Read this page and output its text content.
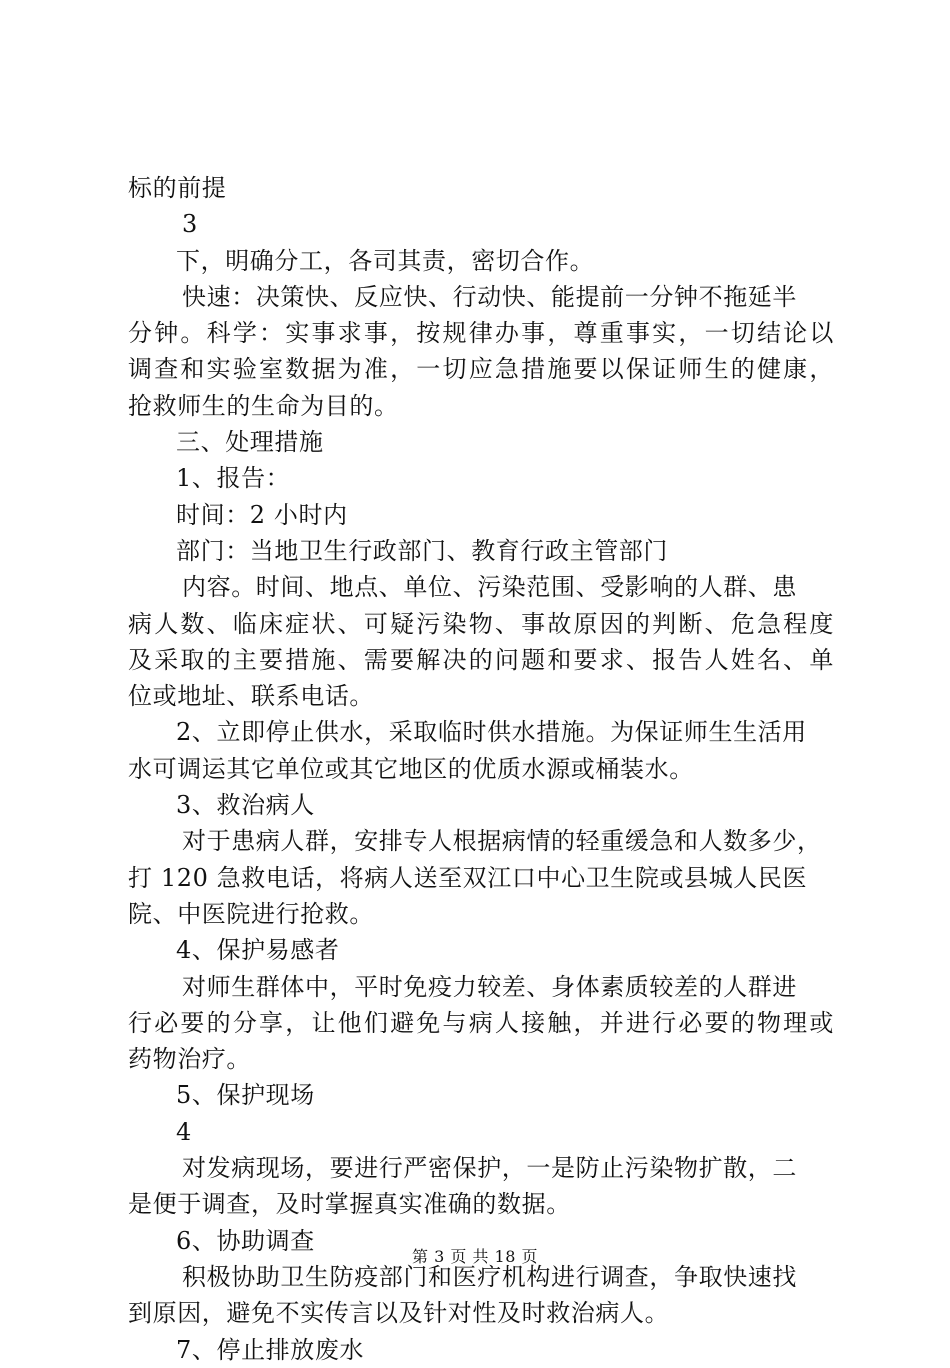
标的前提
3
下，明确分工，各司其责，密切合作。
快速：决策快、反应快、行动快、能提前一分钟不拖延半
分钟。科学：实事求事，按规律办事，尊重事实，一切结论以
调查和实验室数据为准，一切应急措施要以保证师生的健康，
抢救师生的生命为目的。
三、处理措施
1、报告：
时间：2 小时内
部门：当地卫生行政部门、教育行政主管部门
内容。时间、地点、单位、污染范围、受影响的人群、患
病人数、临床症状、可疑污染物、事故原因的判断、危急程度
及采取的主要措施、需要解决的问题和要求、报告人姓名、单
位或地址、联系电话。
2、立即停止供水，采取临时供水措施。为保证师生生活用
水可调运其它单位或其它地区的优质水源或桶装水。
3、救治病人
对于患病人群，安排专人根据病情的轻重缓急和人数多少，
打 120 急救电话，将病人送至双江口中心卫生院或县城人民医
院、中医院进行抢救。
4、保护易感者
对师生群体中，平时免疫力较差、身体素质较差的人群进
行必要的分享，让他们避免与病人接触，并进行必要的物理或
药物治疗。
5、保护现场
4
对发病现场，要进行严密保护，一是防止污染物扩散，二
是便于调查，及时掌握真实准确的数据。
6、协助调查
积极协助卫生防疫部门和医疗机构进行调查，争取快速找
到原因，避免不实传言以及针对性及时救治病人。
7、停止排放废水
第 3 页 共 18 页
